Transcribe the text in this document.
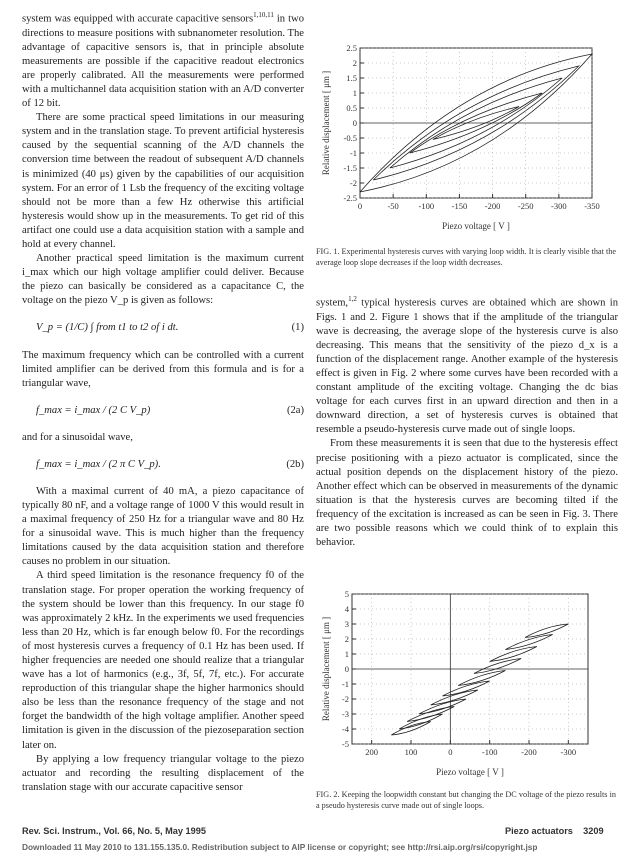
system was equipped with accurate capacitive sensors$^{1,10,11}$ in two directions to measure positions with subnanometer resolution. The advantage of capacitive sensors is, that in principle absolute measurements are possible if the capacitive readout electronics are properly calibrated. All the measurements were performed with a multichannel data acquisition station with an A/D converter of 12 bit.

There are some practical speed limitations in our measuring system and in the translation stage. To prevent artificial hysteresis caused by the sequential scanning of the A/D channels the conversion time between the readout of subsequent A/D channels is minimized (40 μs) given by the capabilities of our acquisition system. For an error of 1 Lsb the frequency of the exciting voltage should not be more than a few Hz otherwise this artificial hysteresis would show up in the measurements. To get rid of this artifact one could use a data acquisition station with a sample and hold at every channel.

Another practical speed limitation is the maximum current i_max which our high voltage amplifier could deliver. Because the piezo can basically be considered as a capacitance C, the voltage on the piezo V_p is given as follows:

V_p = (1/C) ∫ from t1 to t2 of i dt.	(1)

The maximum frequency which can be controlled with a current limited amplifier can be derived from this formula and is for a triangular wave,

f_max = i_max / (2 C V_p)	(2a)

and for a sinusoidal wave,

f_max = i_max / (2 π C V_p).	(2b)

With a maximal current of 40 mA, a piezo capacitance of typically 80 nF, and a voltage range of 1000 V this would result in a maximal frequency of 250 Hz for a triangular wave and 80 Hz for a sinusoidal wave. This is much higher than the frequency limitations caused by the data acquisition station and therefore causes no problem in our situation.

A third speed limitation is the resonance frequency f0 of the translation stage. For proper operation the working frequency of the system should be lower than this frequency. In our stage f0 was approximately 2 kHz. In the experiments we used frequencies less than 20 Hz, which is far enough below f0. For the recordings of most hysteresis curves a frequency of 0.1 Hz has been used. If higher frequencies are needed one should realize that a triangular wave has a lot of harmonics (e.g., 3f, 5f, 7f, etc.). For accurate reproduction of this triangular shape the higher harmonics should also be less than the resonance frequency of the stage and not forget the bandwidth of the high voltage amplifier. Another speed limitation is given in the discussion of the piezoseparation section later on.

By applying a low frequency triangular voltage to the piezo actuator and recording the resulting displacement of the translation stage with our accurate capacitive sensor

2.5
2
1.5
1
0.5
0
-0.5
-1
-1.5
-2
-2.5
0	-50 -100 -150 -200 -250 -300 -350
Piezo voltage [ V ]
Relative displacement [ μm ]
FIG. 1. Experimental hysteresis curves with varying loop width. It is clearly visible that the average loop slope decreases if the loop width decreases.

system,$^{1,2}$ typical hysteresis curves are obtained which are shown in Figs. 1 and 2. Figure 1 shows that if the amplitude of the triangular wave is decreasing, the average slope of the hysteresis curve is also decreasing. This means that the sensitivity of the piezo d_x is a function of the displacement range. Another example of the hysteresis effect is given in Fig. 2 where some curves have been recorded with a constant amplitude of the exciting voltage. Changing the dc bias voltage for each curves first in an upward direction and then in a downward direction, a set of hysteresis curves is obtained that resemble a pseudo-hysteresis curve made out of single loops.

From these measurements it is seen that due to the hysteresis effect precise positioning with a piezo actuator is complicated, since the actual position depends on the displacement history of the piezo. Another effect which can be observed in measurements of the dynamic situation is that the hysteresis curves are becoming tilted if the frequency of the excitation is increased as can be seen in Fig. 3. There are two possible reasons which we could think of to explain this behavior.

5
4
3
2
1
0
-1
-2
-3
-4
-5
200	100	0	-100	-200	-300
Piezo voltage [ V ]
Relative displacement [ μm ]
FIG. 2. Keeping the loopwidth constant but changing the DC voltage of the piezo results in a pseudo hysteresis curve made out of single loops.
Rev. Sci. Instrum., Vol. 66, No. 5, May 1995	Piezo actuators 3209
Downloaded 11 May 2010 to 131.155.135.0. Redistribution subject to AIP license or copyright; see http://rsi.aip.org/rsi/copyright.jsp
